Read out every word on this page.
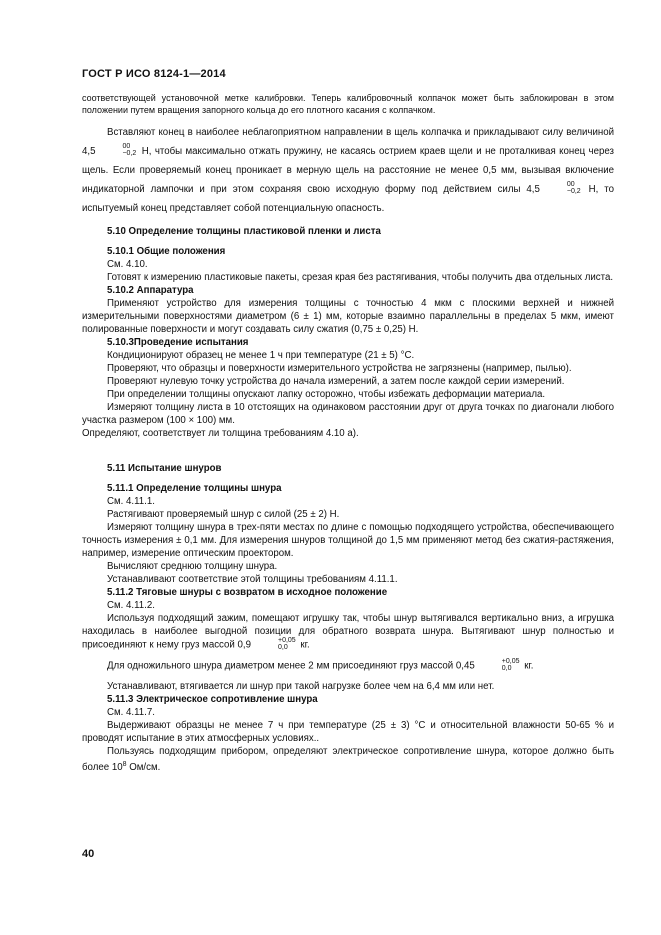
ГОСТ Р ИСО 8124-1—2014

соответствующей установочной метке калибровки. Теперь калибровочный колпачок может быть заблокирован в этом положении путем вращения запорного кольца до его плотного касания с колпачком.

Вставляют конец в наиболее неблагоприятном направлении в щель колпачка и прикладывают силу величиной 4,5	00
−0,2 Н, чтобы максимально отжать пружину, не касаясь острием краев щели и не проталкивая конец через щель. Если проверяемый конец проникает в мерную щель на расстояние не менее 0,5 мм, вызывая включение индикаторной лампочки и при этом сохраняя свою исходную форму под действием силы 4,5	00
−0,2 Н, то испытуемый конец представляет собой потенциальную опасность.

5.10 Определение толщины пластиковой пленки и листа

5.10.1 Общие положения

См. 4.10.

Готовят к измерению пластиковые пакеты, срезая края без растягивания, чтобы получить два отдельных листа.

5.10.2 Аппаратура

Применяют устройство для измерения толщины с точностью 4 мкм с плоскими верхней и нижней измерительными поверхностями диаметром (6 ± 1) мм, которые взаимно параллельны в пределах 5 мкм, имеют полированные поверхности и могут создавать силу сжатия (0,75 ± 0,25) Н.

5.10.3Проведение испытания

Кондиционируют образец не менее 1 ч при температуре (21 ± 5) °С.

Проверяют, что образцы и поверхности измерительного устройства не загрязнены (например, пылью).

Проверяют нулевую точку устройства до начала измерений, а затем после каждой серии измерений.

При определении толщины опускают лапку осторожно, чтобы избежать деформации материала.

Измеряют толщину листа в 10 отстоящих на одинаковом расстоянии друг от друга точках по диагонали любого участка размером (100 × 100) мм.

Определяют, соответствует ли толщина требованиям 4.10 а).

5.11 Испытание шнуров

5.11.1 Определение толщины шнура

См. 4.11.1.

Растягивают проверяемый шнур с силой (25 ± 2) Н.

Измеряют толщину шнура в трех-пяти местах по длине с помощью подходящего устройства, обеспечивающего точность измерения ± 0,1 мм. Для измерения шнуров толщиной до 1,5 мм применяют метод без сжатия-растяжения, например, измерение оптическим проектором.

Вычисляют среднюю толщину шнура.

Устанавливают соответствие этой толщины требованиям 4.11.1.

5.11.2 Тяговые шнуры с возвратом в исходное положение

См. 4.11.2.

Используя подходящий зажим, помещают игрушку так, чтобы шнур вытягивался вертикально вниз, а игрушка находилась в наиболее выгодной позиции для обратного возврата шнура. Вытягивают шнур полностью и присоединяют к нему груз массой 0,9	+0,05
0,0	кг.

Для одножильного шнура диаметром менее 2 мм присоединяют груз массой 0,45	+0,05
0,0	кг.

Устанавливают, втягивается ли шнур при такой нагрузке более чем на 6,4 мм или нет.

5.11.3 Электрическое сопротивление шнура

См. 4.11.7.

Выдерживают образцы не менее 7 ч при температуре (25 ± 3) °С и относительной влажности 50-65 % и проводят испытание в этих атмосферных условиях..

Пользуясь подходящим прибором, определяют электрическое сопротивление шнура, которое должно быть более $10^8$ Ом/см.

40
